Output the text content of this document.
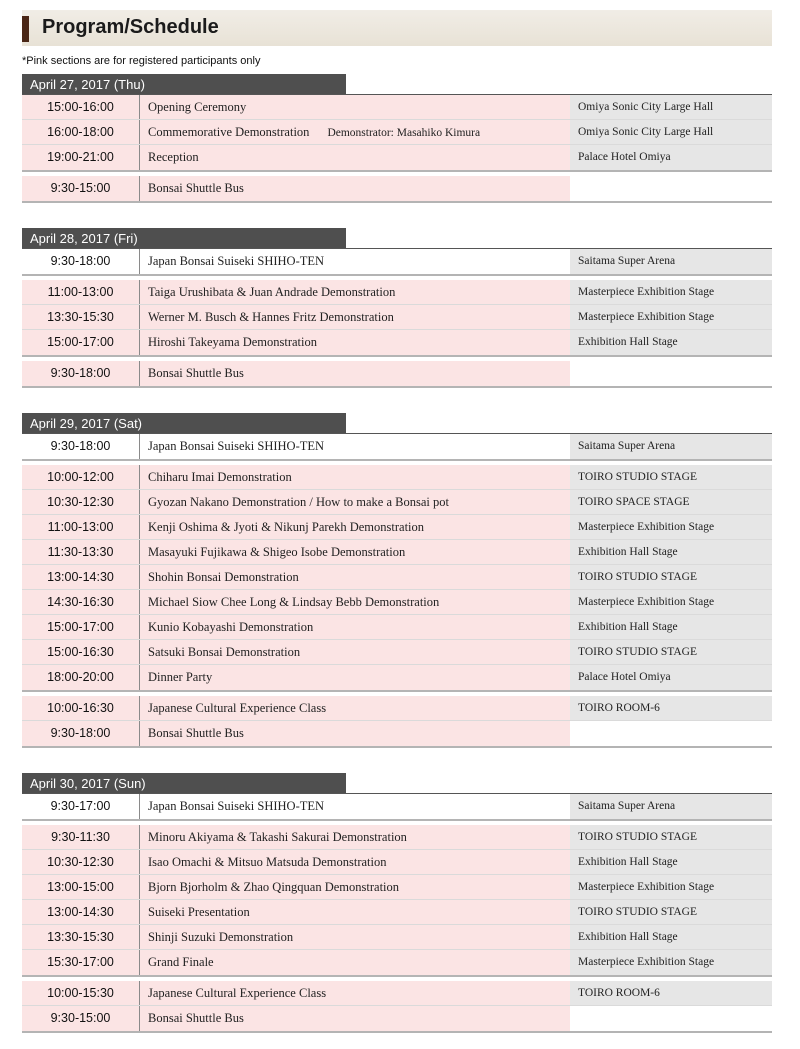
Program/Schedule
*Pink sections are for registered participants only
April 27, 2017 (Thu)
15:00-16:00	Opening Ceremony	Omiya Sonic City Large Hall
16:00-18:00	Commemorative Demonstration Demonstrator: Masahiko Kimura	Omiya Sonic City Large Hall
19:00-21:00	Reception	Palace Hotel Omiya
9:30-15:00	Bonsai Shuttle Bus
April 28, 2017 (Fri)
9:30-18:00	Japan Bonsai Suiseki SHIHO-TEN	Saitama Super Arena
11:00-13:00	Taiga Urushibata & Juan Andrade Demonstration	Masterpiece Exhibition Stage
13:30-15:30	Werner M. Busch & Hannes Fritz Demonstration	Masterpiece Exhibition Stage
15:00-17:00	Hiroshi Takeyama Demonstration	Exhibition Hall Stage
9:30-18:00	Bonsai Shuttle Bus
April 29, 2017 (Sat)
9:30-18:00	Japan Bonsai Suiseki SHIHO-TEN	Saitama Super Arena
10:00-12:00	Chiharu Imai Demonstration	TOIRO STUDIO STAGE
10:30-12:30	Gyozan Nakano Demonstration / How to make a Bonsai pot	TOIRO SPACE STAGE
11:00-13:00	Kenji Oshima & Jyoti & Nikunj Parekh Demonstration	Masterpiece Exhibition Stage
11:30-13:30	Masayuki Fujikawa & Shigeo Isobe Demonstration	Exhibition Hall Stage
13:00-14:30	Shohin Bonsai Demonstration	TOIRO STUDIO STAGE
14:30-16:30	Michael Siow Chee Long & Lindsay Bebb Demonstration	Masterpiece Exhibition Stage
15:00-17:00	Kunio Kobayashi Demonstration	Exhibition Hall Stage
15:00-16:30	Satsuki Bonsai Demonstration	TOIRO STUDIO STAGE
18:00-20:00	Dinner Party	Palace Hotel Omiya
10:00-16:30	Japanese Cultural Experience Class	TOIRO ROOM-6
9:30-18:00	Bonsai Shuttle Bus
April 30, 2017 (Sun)
9:30-17:00	Japan Bonsai Suiseki SHIHO-TEN	Saitama Super Arena
9:30-11:30	Minoru Akiyama & Takashi Sakurai Demonstration	TOIRO STUDIO STAGE
10:30-12:30	Isao Omachi & Mitsuo Matsuda Demonstration	Exhibition Hall Stage
13:00-15:00	Bjorn Bjorholm & Zhao Qingquan Demonstration	Masterpiece Exhibition Stage
13:00-14:30	Suiseki Presentation	TOIRO STUDIO STAGE
13:30-15:30	Shinji Suzuki Demonstration	Exhibition Hall Stage
15:30-17:00	Grand Finale	Masterpiece Exhibition Stage
10:00-15:30	Japanese Cultural Experience Class	TOIRO ROOM-6
9:30-15:00	Bonsai Shuttle Bus
